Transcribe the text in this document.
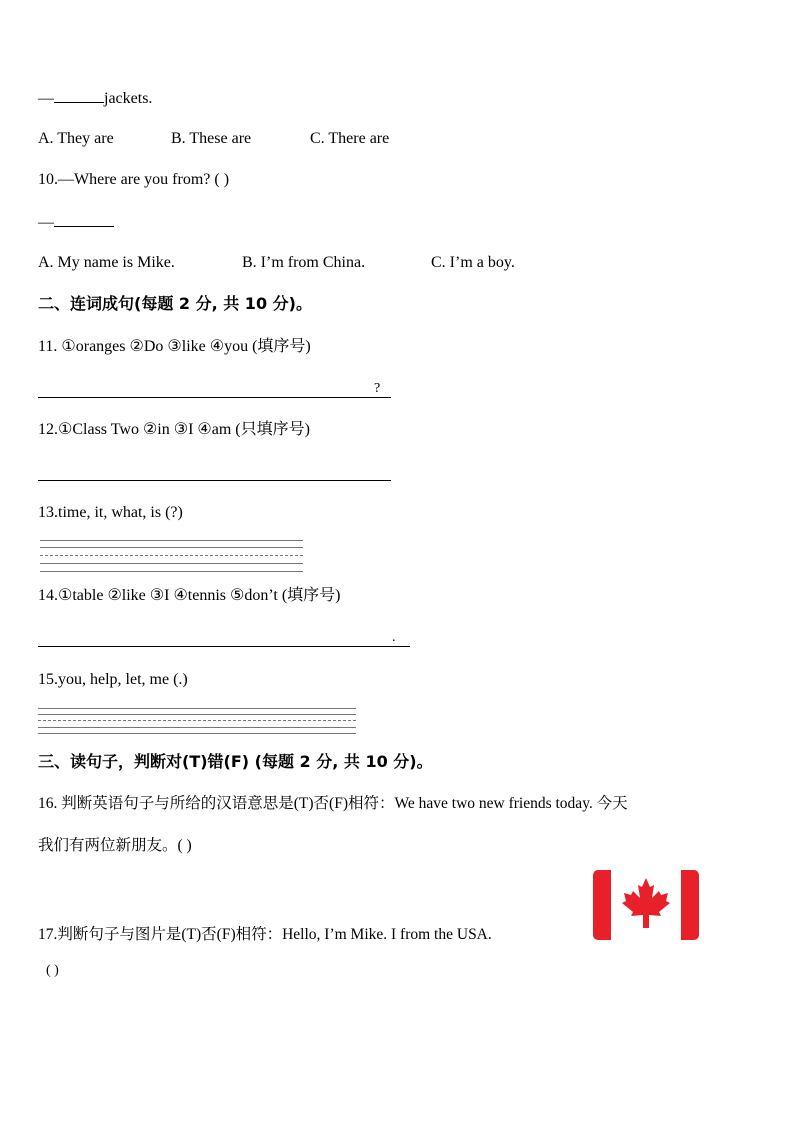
—	jackets.
A. They are	B. These are	C. There are
10.—Where are you from? ( )
—
A. My name is Mike.	B. I’m from China.	C. I’m a boy.
二、连词成句(每题 2 分, 共 10 分)。
11. ①oranges ②Do ③like ④you (填序号)
?
12.①Class Two ②in ③I ④am (只填序号)
13.time, it, what, is (?)
14.①table ②like ③I ④tennis ⑤don’t (填序号)
.
15.you, help, let, me (.)
三、读句子，判断对(T)错(F) (每题 2 分, 共 10 分)。
16. 判断英语句子与所给的汉语意思是(T)否(F)相符：We have two new friends today. 今天
我们有两位新朋友。( )
17.判断句子与图片是(T)否(F)相符：Hello, I’m Mike. I from the USA.
( )
